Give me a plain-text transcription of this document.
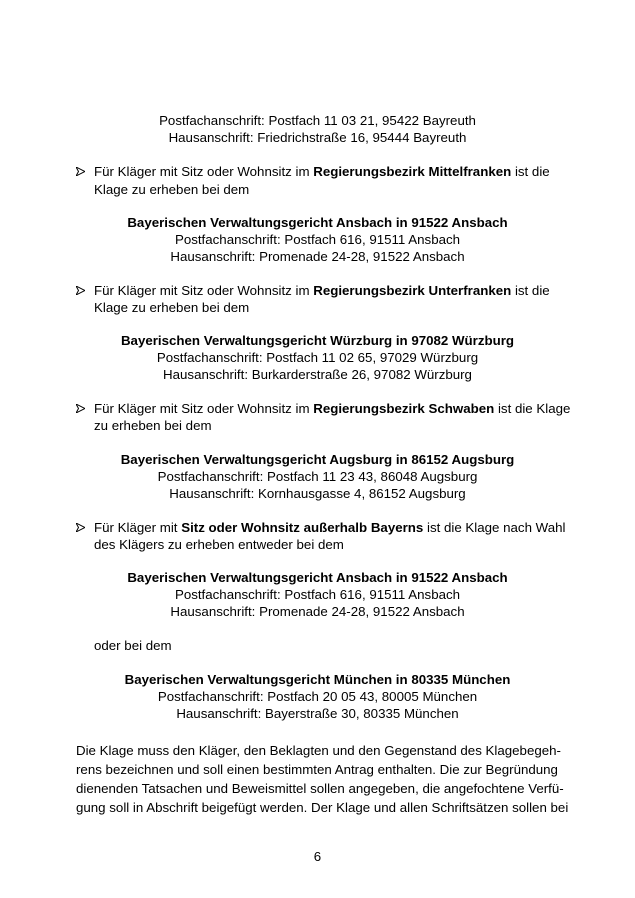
Postfachanschrift: Postfach 11 03 21, 95422 Bayreuth
Hausanschrift: Friedrichstraße 16, 95444 Bayreuth
Für Kläger mit Sitz oder Wohnsitz im Regierungsbezirk Mittelfranken ist die
Klage zu erheben bei dem
Bayerischen Verwaltungsgericht Ansbach in 91522 Ansbach
Postfachanschrift: Postfach 616, 91511 Ansbach
Hausanschrift: Promenade 24-28, 91522 Ansbach
Für Kläger mit Sitz oder Wohnsitz im Regierungsbezirk Unterfranken ist die
Klage zu erheben bei dem
Bayerischen Verwaltungsgericht Würzburg in 97082 Würzburg
Postfachanschrift: Postfach 11 02 65, 97029 Würzburg
Hausanschrift: Burkarderstraße 26, 97082 Würzburg
Für Kläger mit Sitz oder Wohnsitz im Regierungsbezirk Schwaben ist die Klage
zu erheben bei dem
Bayerischen Verwaltungsgericht Augsburg in 86152 Augsburg
Postfachanschrift: Postfach 11 23 43, 86048 Augsburg
Hausanschrift: Kornhausgasse 4, 86152 Augsburg
Für Kläger mit Sitz oder Wohnsitz außerhalb Bayerns ist die Klage nach Wahl
des Klägers zu erheben entweder bei dem
Bayerischen Verwaltungsgericht Ansbach in 91522 Ansbach
Postfachanschrift: Postfach 616, 91511 Ansbach
Hausanschrift: Promenade 24-28, 91522 Ansbach
oder bei dem
Bayerischen Verwaltungsgericht München in 80335 München
Postfachanschrift: Postfach 20 05 43, 80005 München
Hausanschrift: Bayerstraße 30, 80335 München
Die Klage muss den Kläger, den Beklagten und den Gegenstand des Klagebegeh-
rens bezeichnen und soll einen bestimmten Antrag enthalten. Die zur Begründung
dienenden Tatsachen und Beweismittel sollen angegeben, die angefochtene Verfü-
gung soll in Abschrift beigefügt werden. Der Klage und allen Schriftsätzen sollen bei
6
